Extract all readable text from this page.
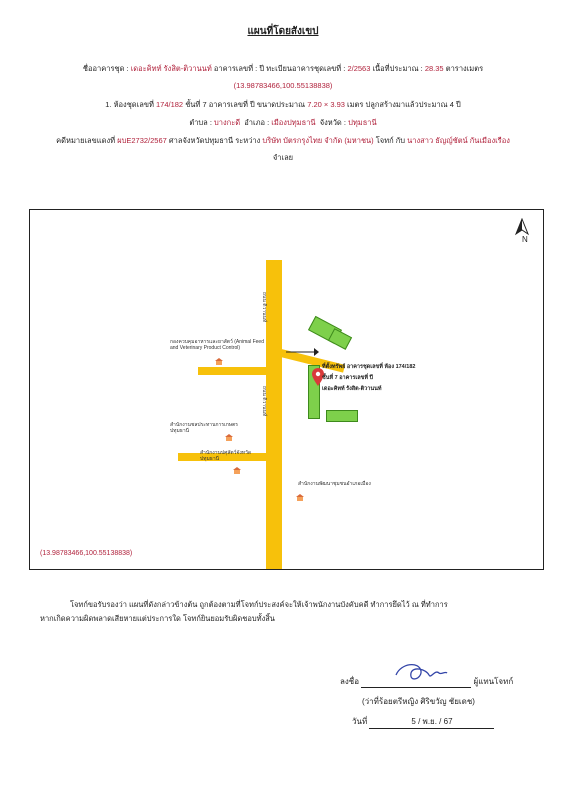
แผนที่โดยสังเขป
ชื่ออาคารชุด : เดอะคิทท์ รังสิต-ติวานนท์ อาคารเลขที่ : ปี ทะเบียนอาคารชุดเลขที่ : 2/2563 เนื้อที่ประมาณ : 28.35 ตารางเมตร
(13.98783466,100.55138838)
1. ห้องชุดเลขที่ 174/182 ชั้นที่ 7 อาคารเลขที่ ปี ขนาดประมาณ 7.20 × 3.93 เมตร ปลูกสร้างมาแล้วประมาณ 4 ปี
ตำบล : บางกะดี อำเภอ : เมืองปทุมธานี จังหวัด : ปทุมธานี
คดีหมายเลขแดงที่ ผบE2732/2567 ศาลจังหวัดปทุมธานี ระหว่าง บริษัท บัตรกรุงไทย จำกัด (มหาชน) โจทก์ กับ นางสาว ธัญญ์ชัตน์ กันเมืองเรือง
จำเลย
N
ถนน ติวานนท์
ถนน ติวานนท์
ที่ตั้งทรัพย์ อาคารชุดเลขที่ ห้อง 174/182
ชั้นที่ 7 อาคารเลขที่ ปี
เดอะคิทท์ รังสิต-ติวานนท์
กองควบคุมอาหารและยาสัตว์ (Animal Feed and Veterinary Product Control)
สำนักงานชลประทานการเกษตรปทุมธานี
สำนักงานปศุสัตว์จังหวัดปทุมธานี
สำนักงานพัฒนาชุมชนอำเภอเมือง
(13.98783466,100.55138838)
โจทก์ขอรับรองว่า แผนที่ดังกล่าวข้างต้น ถูกต้องตามที่โจทก์ประสงค์จะให้เจ้าพนักงานบังคับคดี ทำการยึดไว้ ณ ที่ทำการ
หากเกิดความผิดพลาดเสียหายแต่ประการใด โจทก์ยินยอมรับผิดชอบทั้งสิ้น
ลงชื่อ	ผู้แทนโจทก์
(ว่าที่ร้อยตรีหญิง ศิริขวัญ ชัยเดช)
วันที่	5 / พ.ย. / 67
